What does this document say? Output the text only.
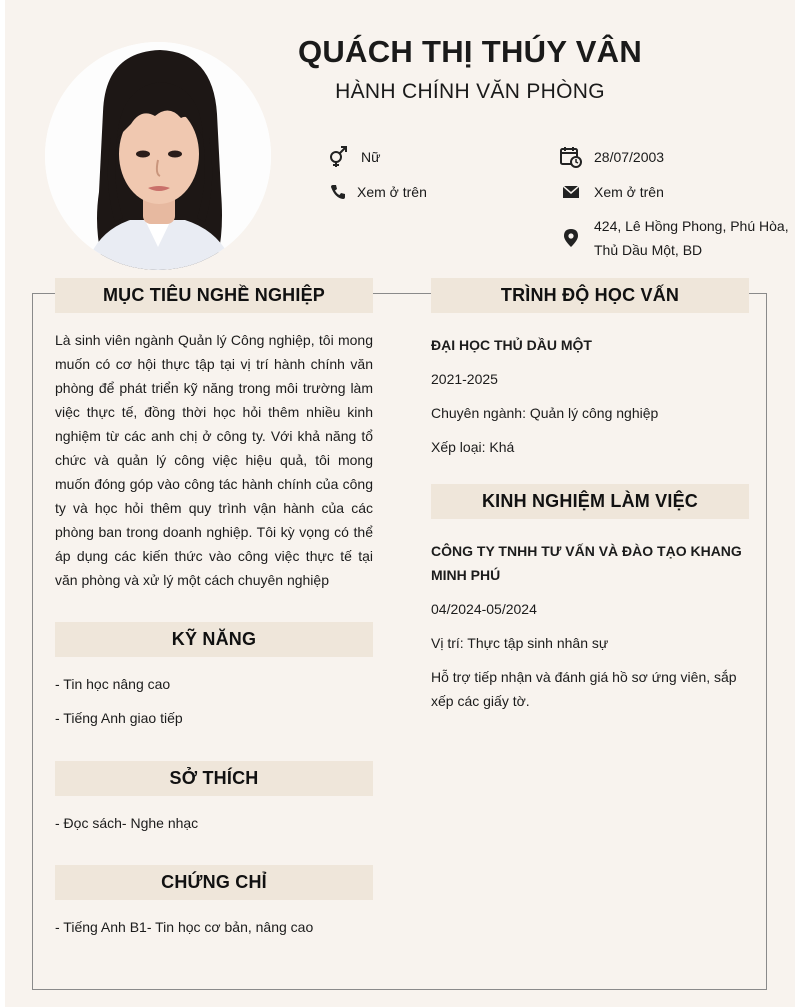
QUÁCH THỊ THÚY VÂN
HÀNH CHÍNH VĂN PHÒNG
Nữ	28/07/2003
Xem ở trên	Xem ở trên
424, Lê Hồng Phong, Phú Hòa,
Thủ Dầu Một, BD
MỤC TIÊU NGHỀ NGHIỆP
Là sinh viên ngành Quản lý Công nghiệp, tôi mong muốn có cơ hội thực tập tại vị trí hành chính văn phòng để phát triển kỹ năng trong môi trường làm việc thực tế, đồng thời học hỏi thêm nhiều kinh nghiệm từ các anh chị ở công ty. Với khả năng tổ chức và quản lý công việc hiệu quả, tôi mong muốn đóng góp vào công tác hành chính của công ty và học hỏi thêm quy trình vận hành của các phòng ban trong doanh nghiệp. Tôi kỳ vọng có thể áp dụng các kiến thức vào công việc thực tế tại văn phòng và xử lý một cách chuyên nghiệp
KỸ NĂNG
- Tin học nâng cao
- Tiếng Anh giao tiếp
SỞ THÍCH
- Đọc sách- Nghe nhạc
CHỨNG CHỈ
- Tiếng Anh B1- Tin học cơ bản, nâng cao
TRÌNH ĐỘ HỌC VẤN
ĐẠI HỌC THỦ DẦU MỘT
2021-2025
Chuyên ngành: Quản lý công nghiệp
Xếp loại: Khá
KINH NGHIỆM LÀM VIỆC
CÔNG TY TNHH TƯ VẤN VÀ ĐÀO TẠO KHANG
MINH PHÚ
04/2024-05/2024
Vị trí: Thực tập sinh nhân sự
Hỗ trợ tiếp nhận và đánh giá hồ sơ ứng viên, sắp
xếp các giấy tờ.
